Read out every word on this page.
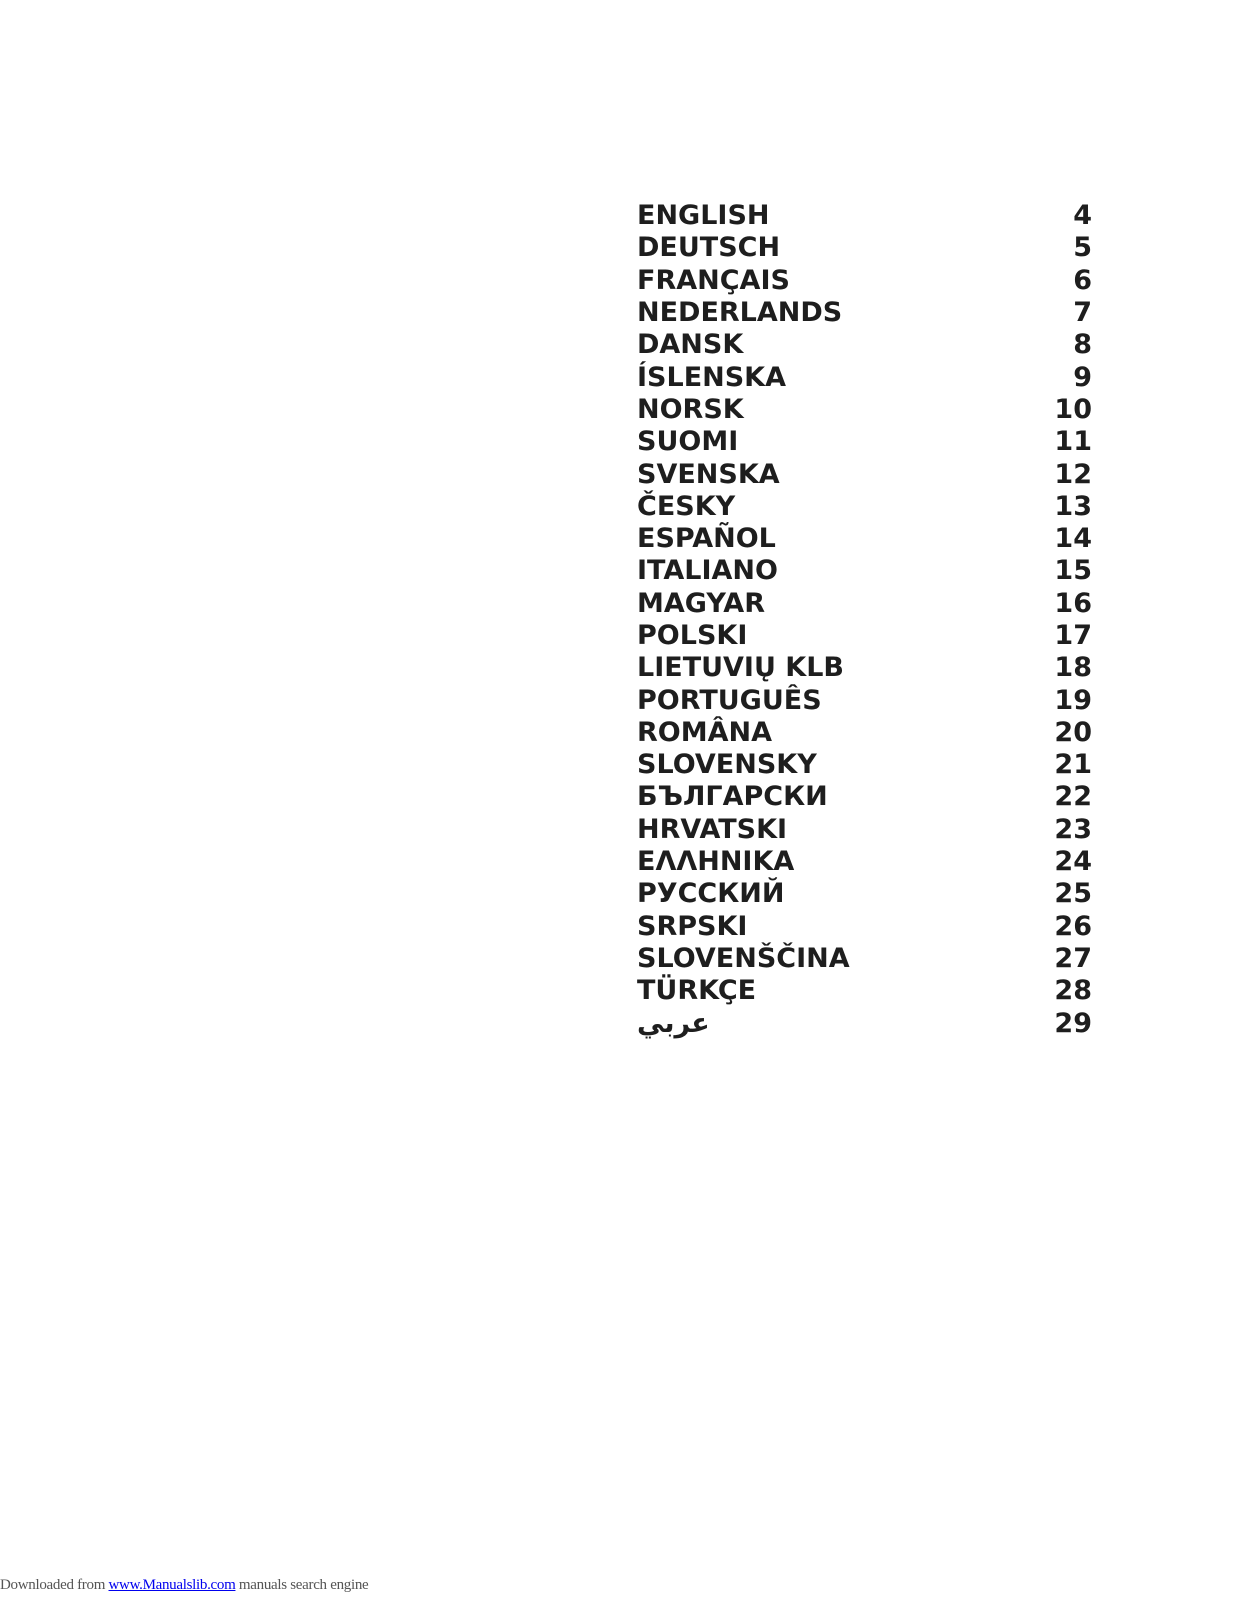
ENGLISH	4
DEUTSCH	5
FRANÇAIS	6
NEDERLANDS	7
DANSK	8
ÍSLENSKA	9
NORSK	10
SUOMI	11
SVENSKA	12
ČESKY	13
ESPAÑOL	14
ITALIANO	15
MAGYAR	16
POLSKI	17
LIETUVIŲ KLB	18
PORTUGUÊS	19
ROMÂNA	20
SLOVENSKY	21
БЪЛГАРСКИ	22
HRVATSKI	23
ΕΛΛΗΝΙΚΑ	24
РУССКИЙ	25
SRPSKI	26
SLOVENŠČINA	27
TÜRKÇE	28
عربي	29
Downloaded from www.Manualslib.com manuals search engine
